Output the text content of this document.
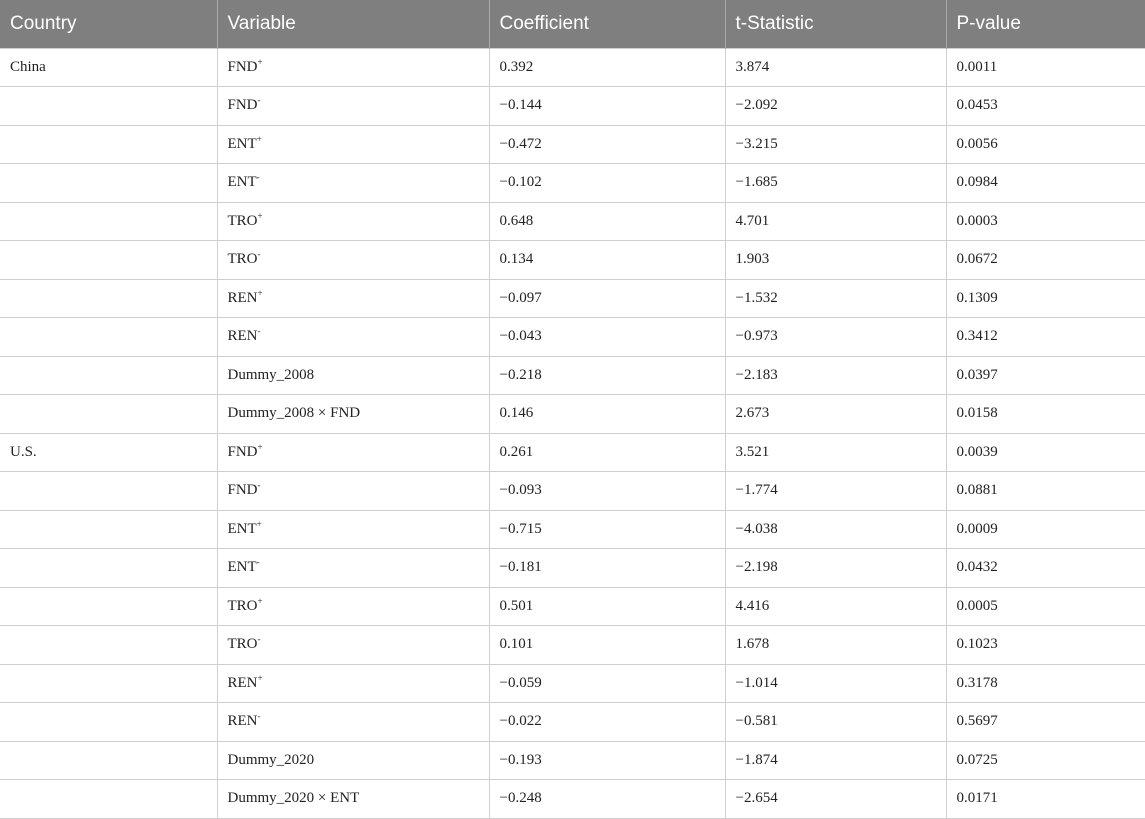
Country	Variable	Coefficient	t-Statistic	P-value
China	FND+	0.392	3.874	0.0011
	FND-	−0.144	−2.092	0.0453
	ENT+	−0.472	−3.215	0.0056
	ENT-	−0.102	−1.685	0.0984
	TRO+	0.648	4.701	0.0003
	TRO-	0.134	1.903	0.0672
	REN+	−0.097	−1.532	0.1309
	REN-	−0.043	−0.973	0.3412
	Dummy_2008	−0.218	−2.183	0.0397
	Dummy_2008 × FND	0.146	2.673	0.0158
U.S.	FND+	0.261	3.521	0.0039
	FND-	−0.093	−1.774	0.0881
	ENT+	−0.715	−4.038	0.0009
	ENT-	−0.181	−2.198	0.0432
	TRO+	0.501	4.416	0.0005
	TRO-	0.101	1.678	0.1023
	REN+	−0.059	−1.014	0.3178
	REN-	−0.022	−0.581	0.5697
	Dummy_2020	−0.193	−1.874	0.0725
	Dummy_2020 × ENT	−0.248	−2.654	0.0171
